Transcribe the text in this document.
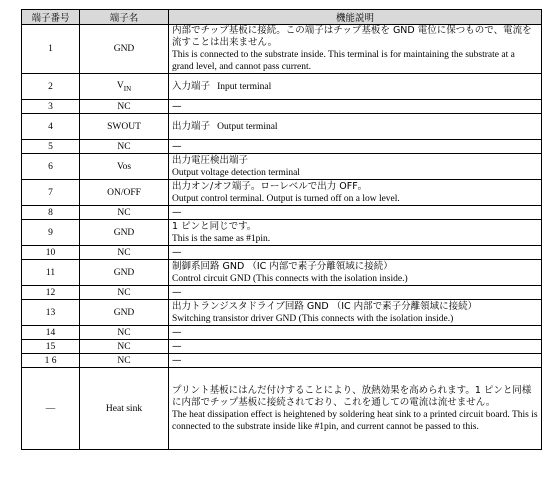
端子番号	端子名	機能説明
1	GND	内部でチップ基板に接続。この端子はチップ基板を GND 電位に保つもので、電流を流すことは出来ません。
This is connected to the substrate inside. This terminal is for maintaining the substrate at a grand level, and cannot pass current.
2	$V_{IN}$	入力端子 Input terminal
3	NC	—
4	SWOUT	出力端子 Output terminal
5	NC	—
6	Vos	出力電圧検出端子
Output voltage detection terminal
7	ON/OFF	出力オン/オフ端子。ローレベルで出力 OFF。
Output control terminal. Output is turned off on a low level.
8	NC	—
9	GND	1 ピンと同じです。
This is the same as #1pin.
10	NC	—
11	GND	制御系回路 GND （IC 内部で素子分離領域に接続）
Control circuit GND (This connects with the isolation inside.)
12	NC	—
13	GND	出力トランジスタドライブ回路 GND （IC 内部で素子分離領域に接続）
Switching transistor driver GND (This connects with the isolation inside.)
14	NC	—
15	NC	—
1 6	NC	—
—	Heat sink	プリント基板にはんだ付けすることにより、放熱効果を高められます。1 ピンと同様に内部でチップ基板に接続されており、これを通しての電流は流せません。
The heat dissipation effect is heightened by soldering heat sink to a printed circuit board. This is connected to the substrate inside like #1pin, and current cannot be passed to this.
